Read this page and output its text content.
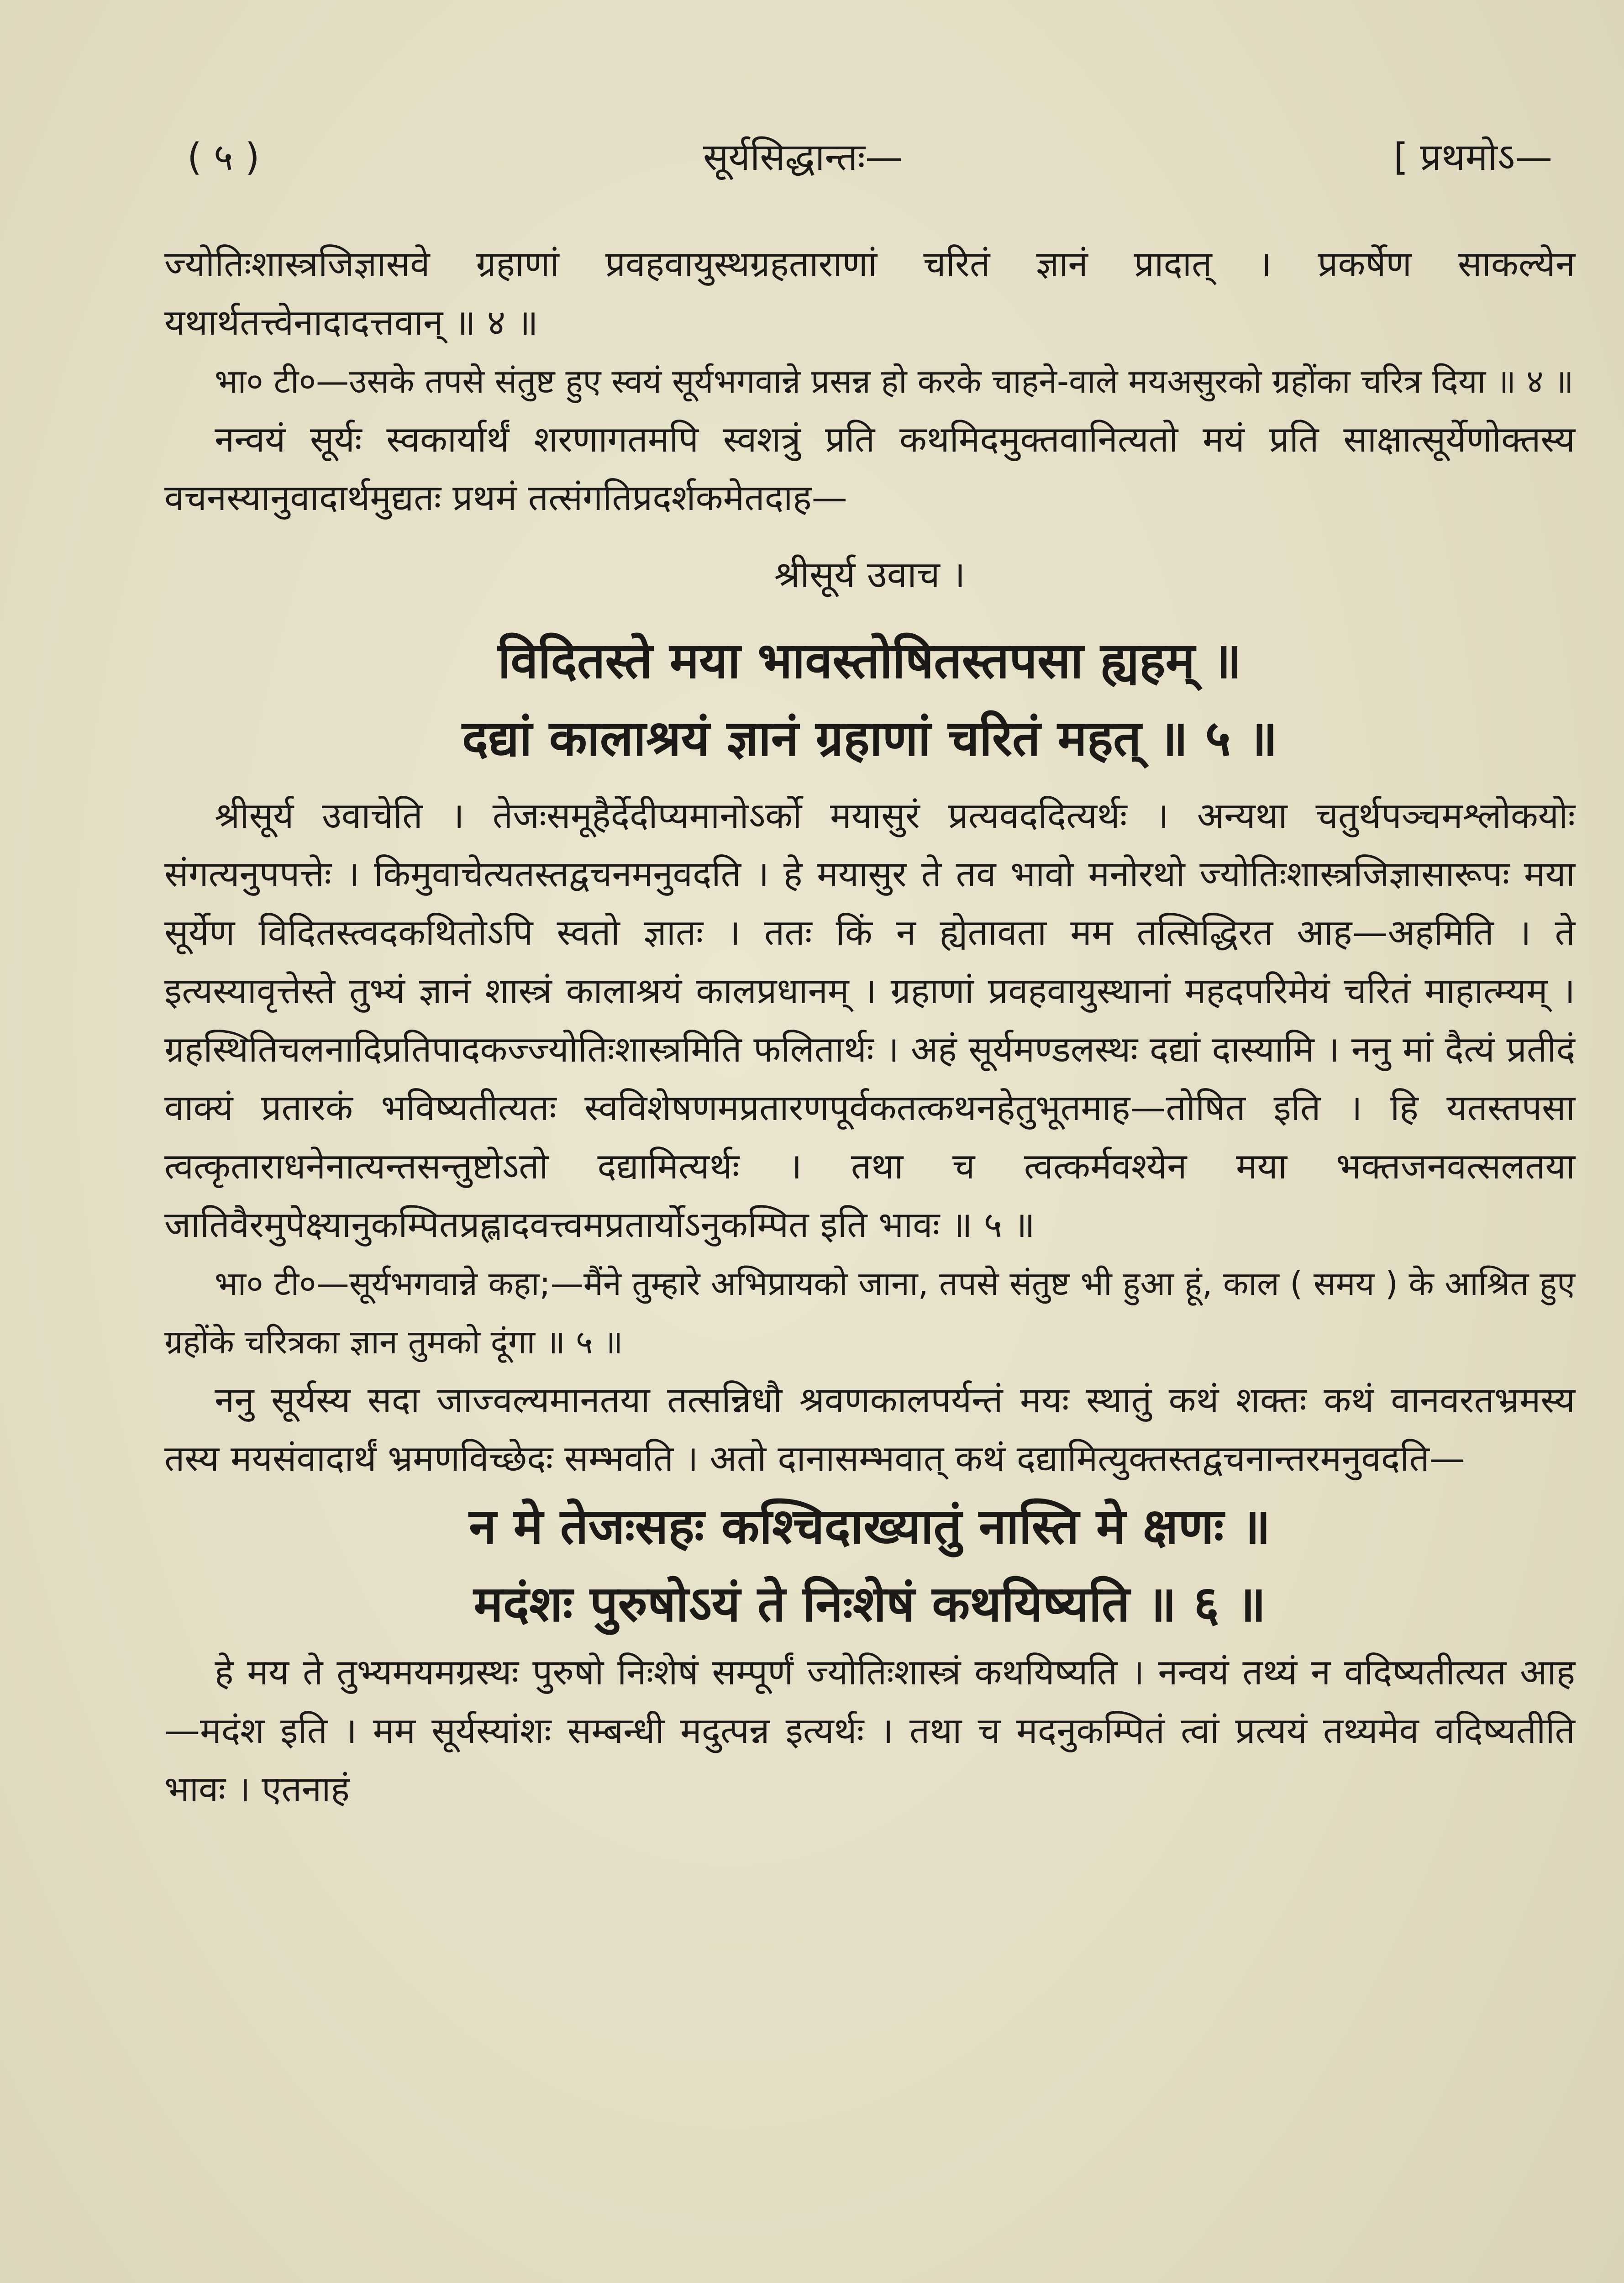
( ५ )	सूर्यसिद्धान्तः—	[ प्रथमोऽ—

ज्योतिःशास्त्रजिज्ञासवे ग्रहाणां प्रवहवायुस्थग्रहताराणां चरितं ज्ञानं प्रादात् । प्रकर्षेण साकल्येन यथार्थतत्त्वेनादादत्तवान् ॥ ४ ॥

भा० टी०—उसके तपसे संतुष्ट हुए स्वयं सूर्यभगवान्ने प्रसन्न हो करके चाहने-वाले मयअसुरको ग्रहोंका चरित्र दिया ॥ ४ ॥

नन्वयं सूर्यः स्वकार्यार्थं शरणागतमपि स्वशत्रुं प्रति कथमिदमुक्तवानित्यतो मयं प्रति साक्षात्सूर्येणोक्तस्य वचनस्यानुवादार्थमुद्यतः प्रथमं तत्संगतिप्रदर्शकमेतदाह—

श्रीसूर्य उवाच ।

विदितस्ते मया भावस्तोषितस्तपसा ह्यहम् ॥

दद्यां कालाश्रयं ज्ञानं ग्रहाणां चरितं महत् ॥ ५ ॥

श्रीसूर्य उवाचेति । तेजःसमूहैर्देदीप्यमानोऽर्को मयासुरं प्रत्यवददित्यर्थः । अन्यथा चतुर्थपञ्चमश्लोकयोः संगत्यनुपपत्तेः । किमुवाचेत्यतस्तद्वचनमनुवदति । हे मयासुर ते तव भावो मनोरथो ज्योतिःशास्त्रजिज्ञासारूपः मया सूर्येण विदितस्त्वदकथितोऽपि स्वतो ज्ञातः । ततः किं न ह्येतावता मम तत्सिद्धिरत आह—अहमिति । ते इत्यस्यावृत्तेस्ते तुभ्यं ज्ञानं शास्त्रं कालाश्रयं कालप्रधानम् । ग्रहाणां प्रवहवायुस्थानां महदपरिमेयं चरितं माहात्म्यम् । ग्रहस्थितिचलनादिप्रतिपादकज्ज्योतिःशास्त्रमिति फलितार्थः । अहं सूर्यमण्डलस्थः दद्यां दास्यामि । ननु मां दैत्यं प्रतीदं वाक्यं प्रतारकं भविष्यतीत्यतः स्वविशेषणमप्रतारणपूर्वकतत्कथनहेतुभूतमाह—तोषित इति । हि यतस्तपसा त्वत्कृताराधनेनात्यन्तसन्तुष्टोऽतो दद्यामित्यर्थः । तथा च त्वत्कर्मवश्येन मया भक्तजनवत्सलतया जातिवैरमुपेक्ष्यानुकम्पितप्रह्लादवत्त्वमप्रतार्योऽनुकम्पित इति भावः ॥ ५ ॥

भा० टी०—सूर्यभगवान्ने कहा;—मैंने तुम्हारे अभिप्रायको जाना, तपसे संतुष्ट भी हुआ हूं, काल ( समय ) के आश्रित हुए ग्रहोंके चरित्रका ज्ञान तुमको दूंगा ॥ ५ ॥

ननु सूर्यस्य सदा जाज्वल्यमानतया तत्सन्निधौ श्रवणकालपर्यन्तं मयः स्थातुं कथं शक्तः कथं वानवरतभ्रमस्य तस्य मयसंवादार्थं भ्रमणविच्छेदः सम्भवति । अतो दानासम्भवात् कथं दद्यामित्युक्तस्तद्वचनान्तरमनुवदति—

न मे तेजःसहः कश्चिदाख्यातुं नास्ति मे क्षणः ॥

मदंशः पुरुषोऽयं ते निःशेषं कथयिष्यति ॥ ६ ॥

हे मय ते तुभ्यमयमग्रस्थः पुरुषो निःशेषं सम्पूर्णं ज्योतिःशास्त्रं कथयिष्यति । नन्वयं तथ्यं न वदिष्यतीत्यत आह—मदंश इति । मम सूर्यस्यांशः सम्बन्धी मदुत्पन्न इत्यर्थः । तथा च मदनुकम्पितं त्वां प्रत्ययं तथ्यमेव वदिष्यतीति भावः । एतनाहं
